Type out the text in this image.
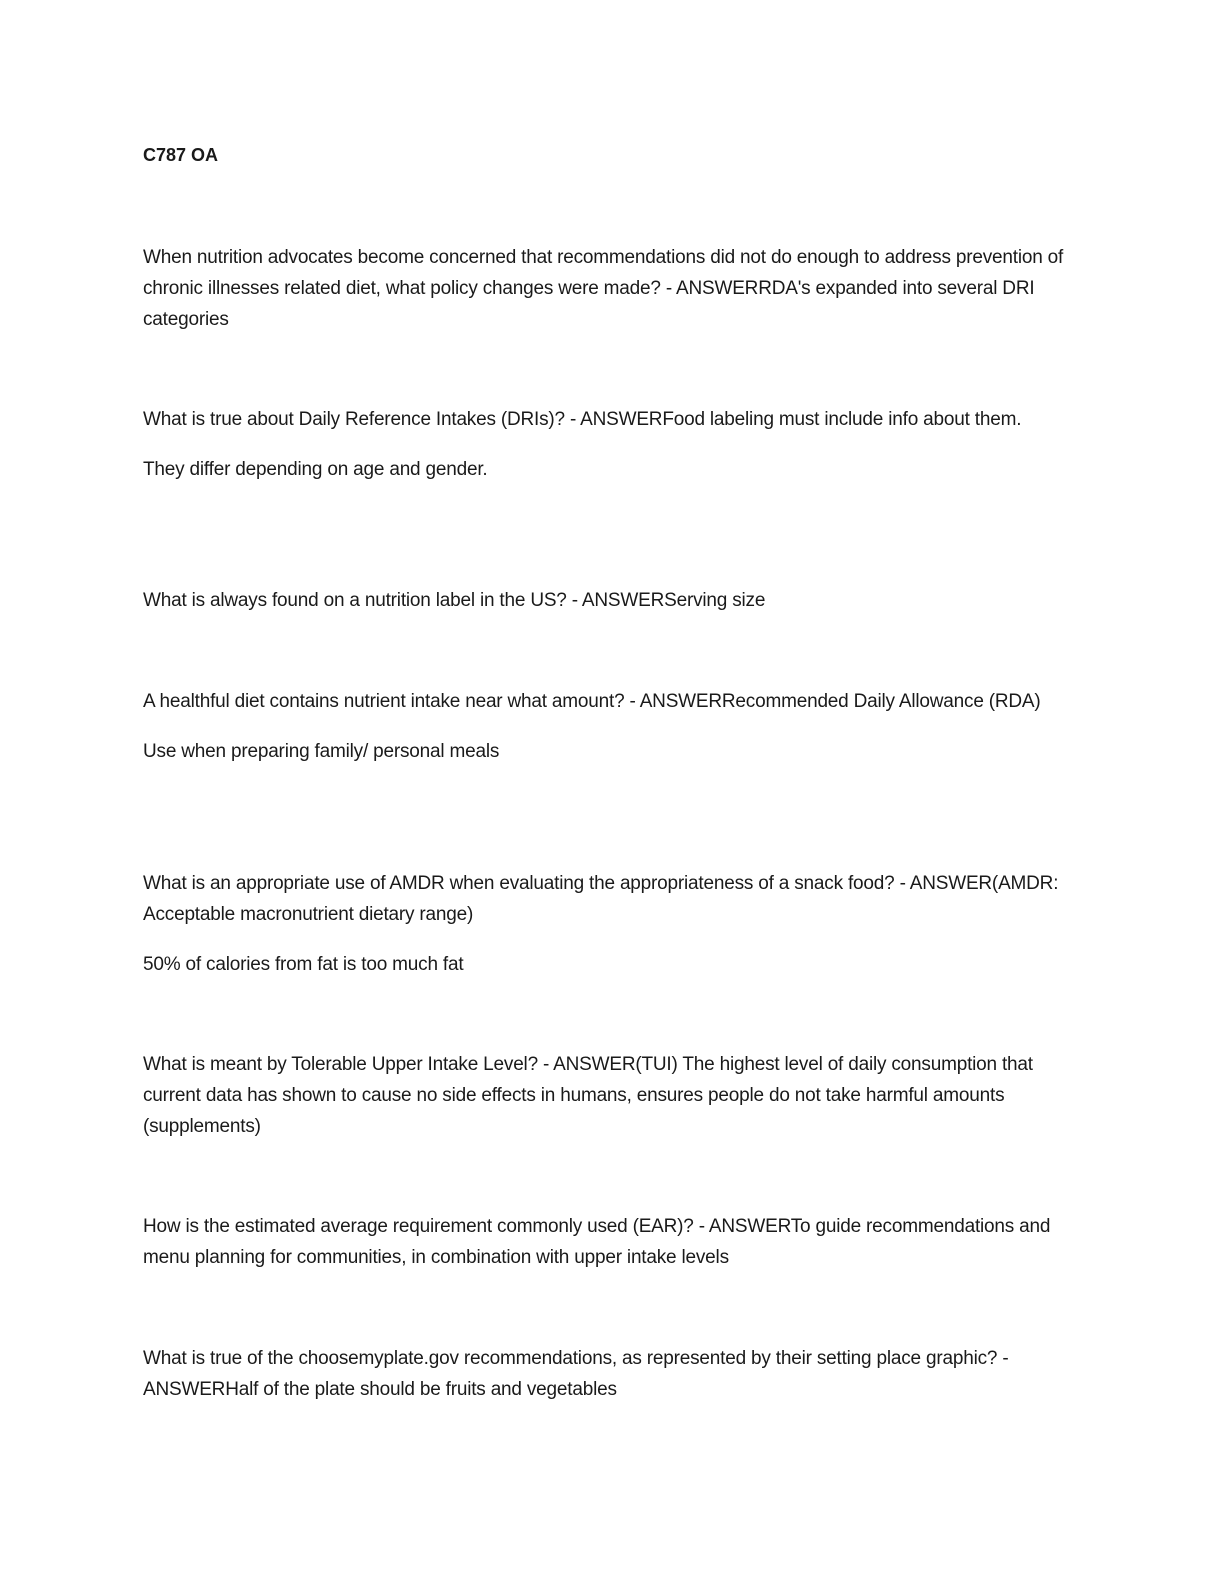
C787 OA

When nutrition advocates become concerned that recommendations did not do enough to address prevention of chronic illnesses related diet, what policy changes were made? - ANSWERRDA's expanded into several DRI categories

What is true about Daily Reference Intakes (DRIs)? - ANSWERFood labeling must include info about them.

They differ depending on age and gender.

What is always found on a nutrition label in the US? - ANSWERServing size

A healthful diet contains nutrient intake near what amount? - ANSWERRecommended Daily Allowance (RDA)

Use when preparing family/ personal meals

What is an appropriate use of AMDR when evaluating the appropriateness of a snack food? - ANSWER(AMDR: Acceptable macronutrient dietary range)

50% of calories from fat is too much fat

What is meant by Tolerable Upper Intake Level? - ANSWER(TUI) The highest level of daily consumption that current data has shown to cause no side effects in humans, ensures people do not take harmful amounts (supplements)

How is the estimated average requirement commonly used (EAR)? - ANSWERTo guide recommendations and menu planning for communities, in combination with upper intake levels

What is true of the choosemyplate.gov recommendations, as represented by their setting place graphic? - ANSWERHalf of the plate should be fruits and vegetables
